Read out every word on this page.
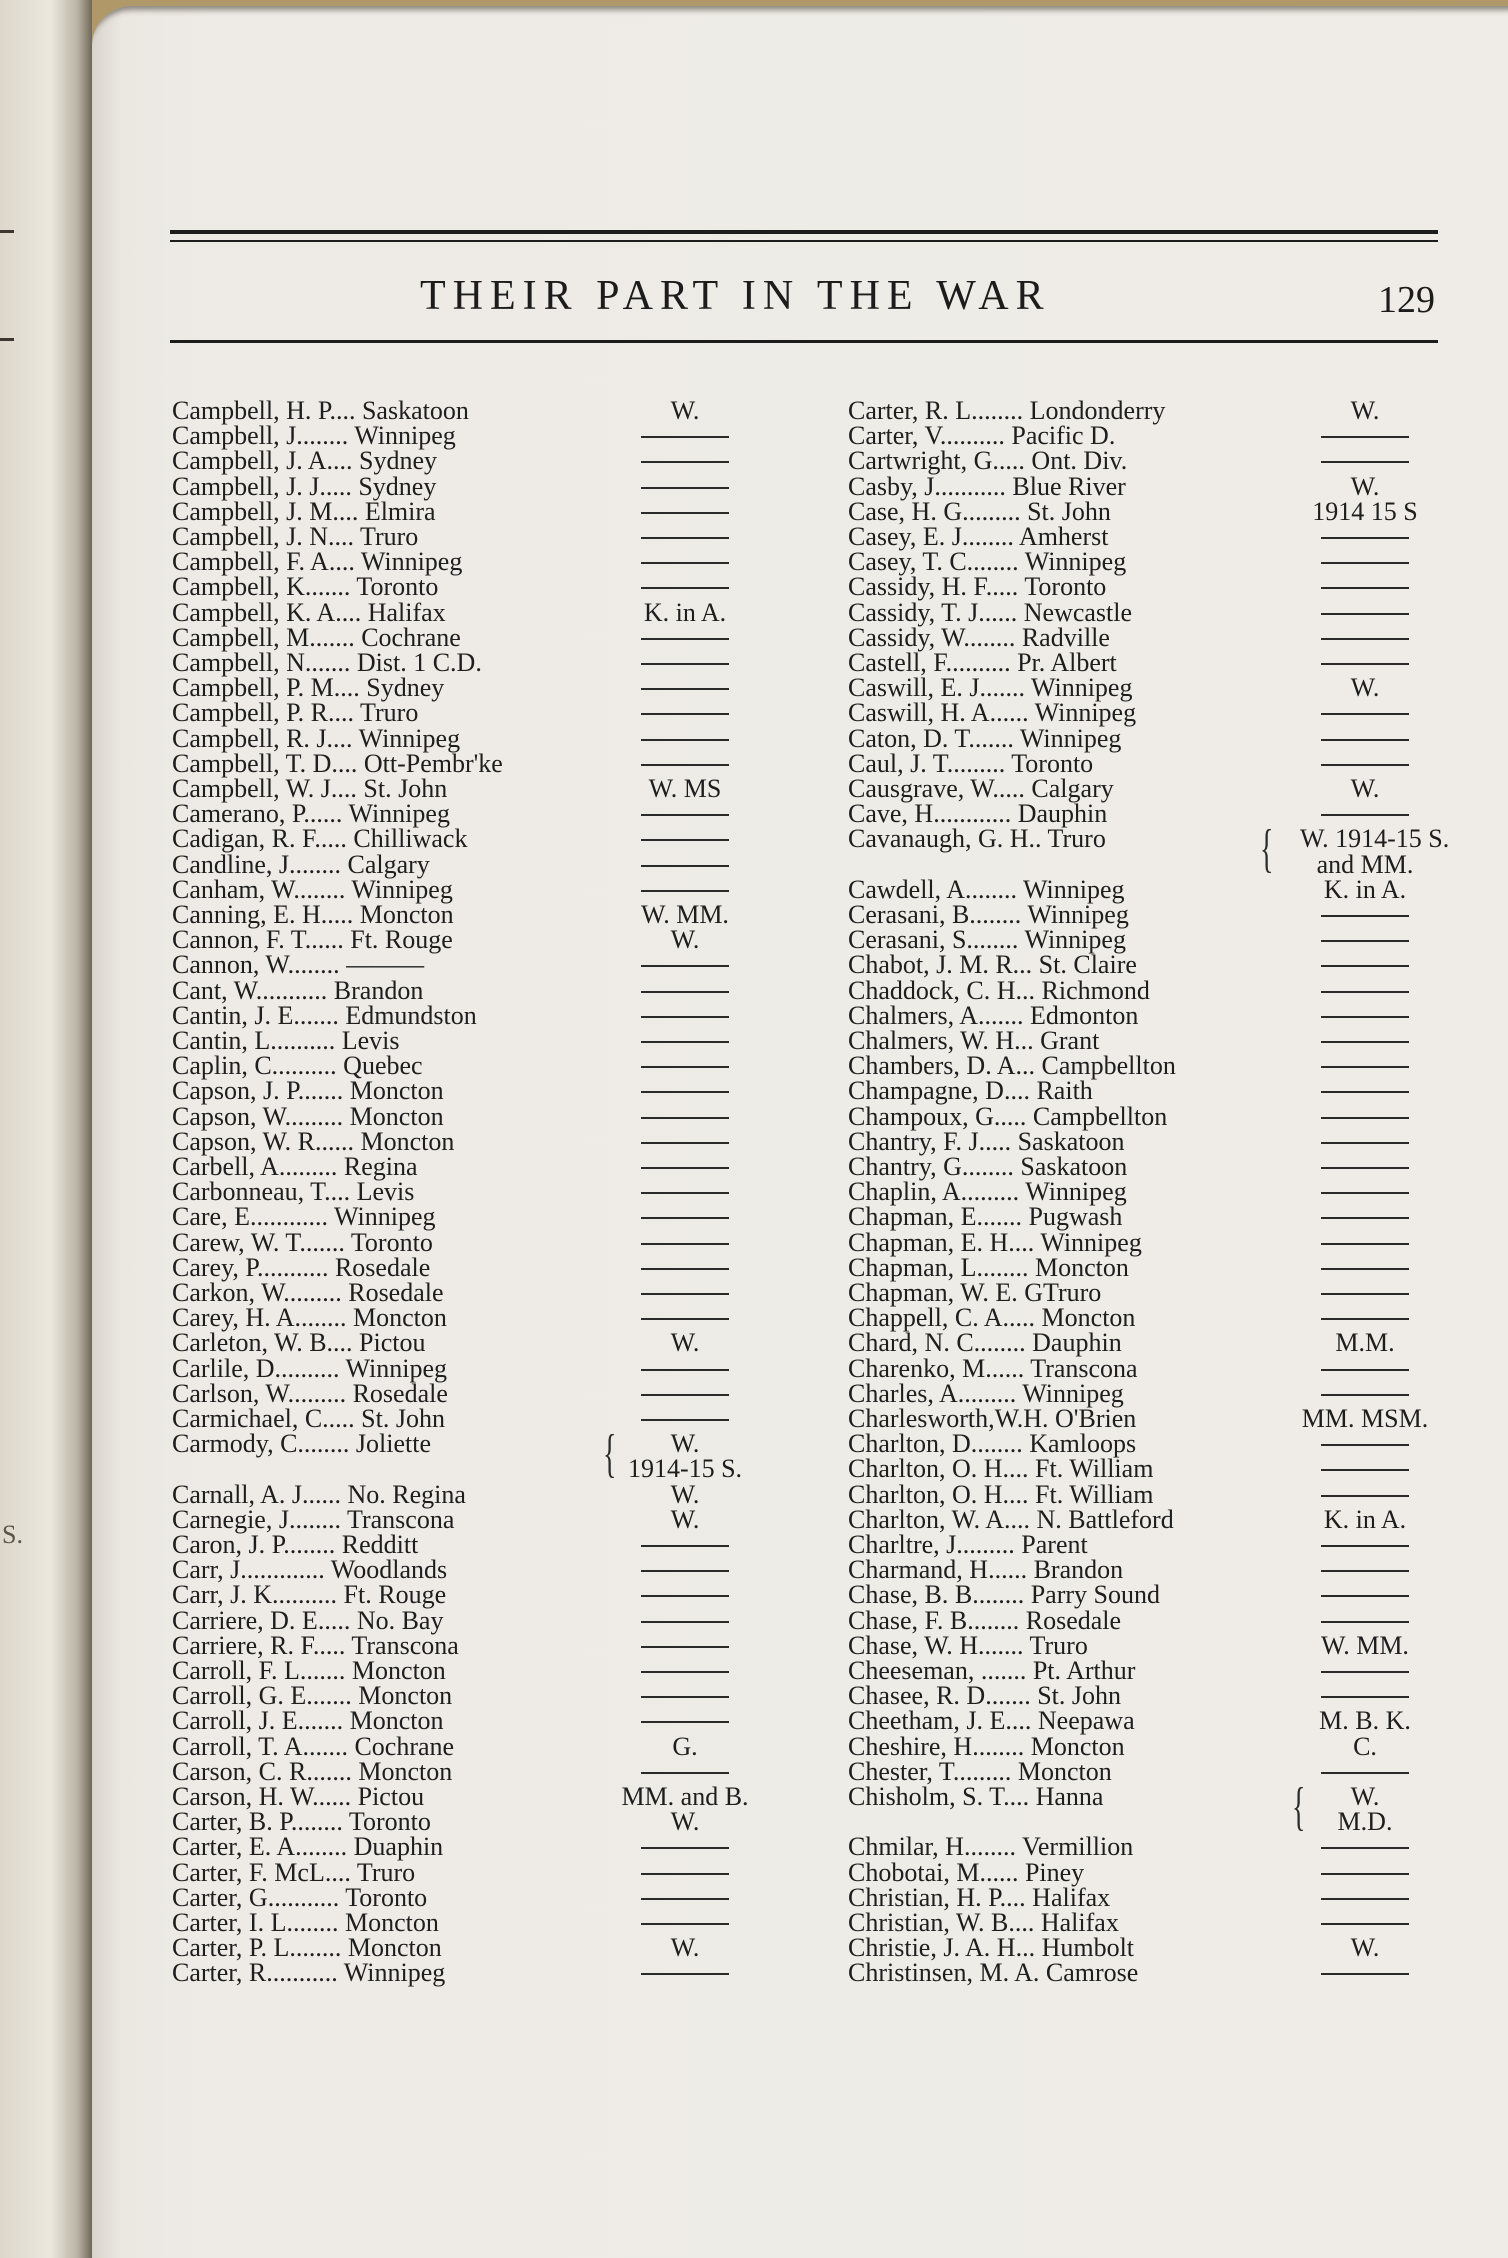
S.
THEIR PART IN THE WAR	129
Campbell, H. P.... Saskatoon	W.
Campbell, J........ Winnipeg
Campbell, J. A.... Sydney
Campbell, J. J..... Sydney
Campbell, J. M.... Elmira
Campbell, J. N.... Truro
Campbell, F. A.... Winnipeg
Campbell, K....... Toronto
Campbell, K. A.... Halifax	K. in A.
Campbell, M....... Cochrane
Campbell, N....... Dist. 1 C.D.
Campbell, P. M.... Sydney
Campbell, P. R.... Truro
Campbell, R. J.... Winnipeg
Campbell, T. D.... Ott-Pembr'ke
Campbell, W. J.... St. John	W. MS
Camerano, P...... Winnipeg
Cadigan, R. F..... Chilliwack
Candline, J........ Calgary
Canham, W........ Winnipeg
Canning, E. H..... Moncton	W. MM.
Cannon, F. T...... Ft. Rouge	W.
Cannon, W........ ———
Cant, W........... Brandon
Cantin, J. E....... Edmundston
Cantin, L.......... Levis
Caplin, C.......... Quebec
Capson, J. P....... Moncton
Capson, W......... Moncton
Capson, W. R...... Moncton
Carbell, A......... Regina
Carbonneau, T.... Levis
Care, E............ Winnipeg
Carew, W. T....... Toronto
Carey, P........... Rosedale
Carkon, W......... Rosedale
Carey, H. A........ Moncton
Carleton, W. B.... Pictou	W.
Carlile, D.......... Winnipeg
Carlson, W......... Rosedale
Carmichael, C..... St. John
Carmody, C........ Joliette	W.
1914-15 S.
Carnall, A. J...... No. Regina	W.
Carnegie, J........ Transcona	W.
Caron, J. P........ Redditt
Carr, J............. Woodlands
Carr, J. K.......... Ft. Rouge
Carriere, D. E..... No. Bay
Carriere, R. F..... Transcona
Carroll, F. L....... Moncton
Carroll, G. E....... Moncton
Carroll, J. E....... Moncton
Carroll, T. A....... Cochrane	G.
Carson, C. R....... Moncton
Carson, H. W...... Pictou	MM. and B.
Carter, B. P........ Toronto	W.
Carter, E. A........ Duaphin
Carter, F. McL.... Truro
Carter, G........... Toronto
Carter, I. L........ Moncton
Carter, P. L........ Moncton	W.
Carter, R........... Winnipeg
Carter, R. L........ Londonderry	W.
Carter, V.......... Pacific D.
Cartwright, G..... Ont. Div.
Casby, J........... Blue River	W.
Case, H. G......... St. John	1914 15 S
Casey, E. J........ Amherst
Casey, T. C........ Winnipeg
Cassidy, H. F..... Toronto
Cassidy, T. J...... Newcastle
Cassidy, W........ Radville
Castell, F.......... Pr. Albert
Caswill, E. J....... Winnipeg	W.
Caswill, H. A...... Winnipeg
Caton, D. T....... Winnipeg
Caul, J. T......... Toronto
Causgrave, W..... Calgary	W.
Cave, H............ Dauphin
Cavanaugh, G. H.. Truro	W. 1914-15 S.
and MM.
Cawdell, A........ Winnipeg	K. in A.
Cerasani, B........ Winnipeg
Cerasani, S........ Winnipeg
Chabot, J. M. R... St. Claire
Chaddock, C. H... Richmond
Chalmers, A....... Edmonton
Chalmers, W. H... Grant
Chambers, D. A... Campbellton
Champagne, D.... Raith
Champoux, G..... Campbellton
Chantry, F. J..... Saskatoon
Chantry, G........ Saskatoon
Chaplin, A......... Winnipeg
Chapman, E....... Pugwash
Chapman, E. H.... Winnipeg
Chapman, L........ Moncton
Chapman, W. E. GTruro
Chappell, C. A..... Moncton
Chard, N. C........ Dauphin	M.M.
Charenko, M...... Transcona
Charles, A......... Winnipeg
Charlesworth,W.H. O'Brien	MM. MSM.
Charlton, D........ Kamloops
Charlton, O. H.... Ft. William
Charlton, O. H.... Ft. William
Charlton, W. A.... N. Battleford	K. in A.
Charltre, J......... Parent
Charmand, H...... Brandon
Chase, B. B........ Parry Sound
Chase, F. B........ Rosedale
Chase, W. H....... Truro	W. MM.
Cheeseman, ....... Pt. Arthur
Chasee, R. D....... St. John
Cheetham, J. E.... Neepawa	M. B. K.
Cheshire, H........ Moncton	C.
Chester, T......... Moncton
Chisholm, S. T.... Hanna	W.
M.D.
Chmilar, H........ Vermillion
Chobotai, M...... Piney
Christian, H. P.... Halifax
Christian, W. B.... Halifax
Christie, J. A. H... Humbolt	W.
Christinsen, M. A. Camrose
{
{
{
